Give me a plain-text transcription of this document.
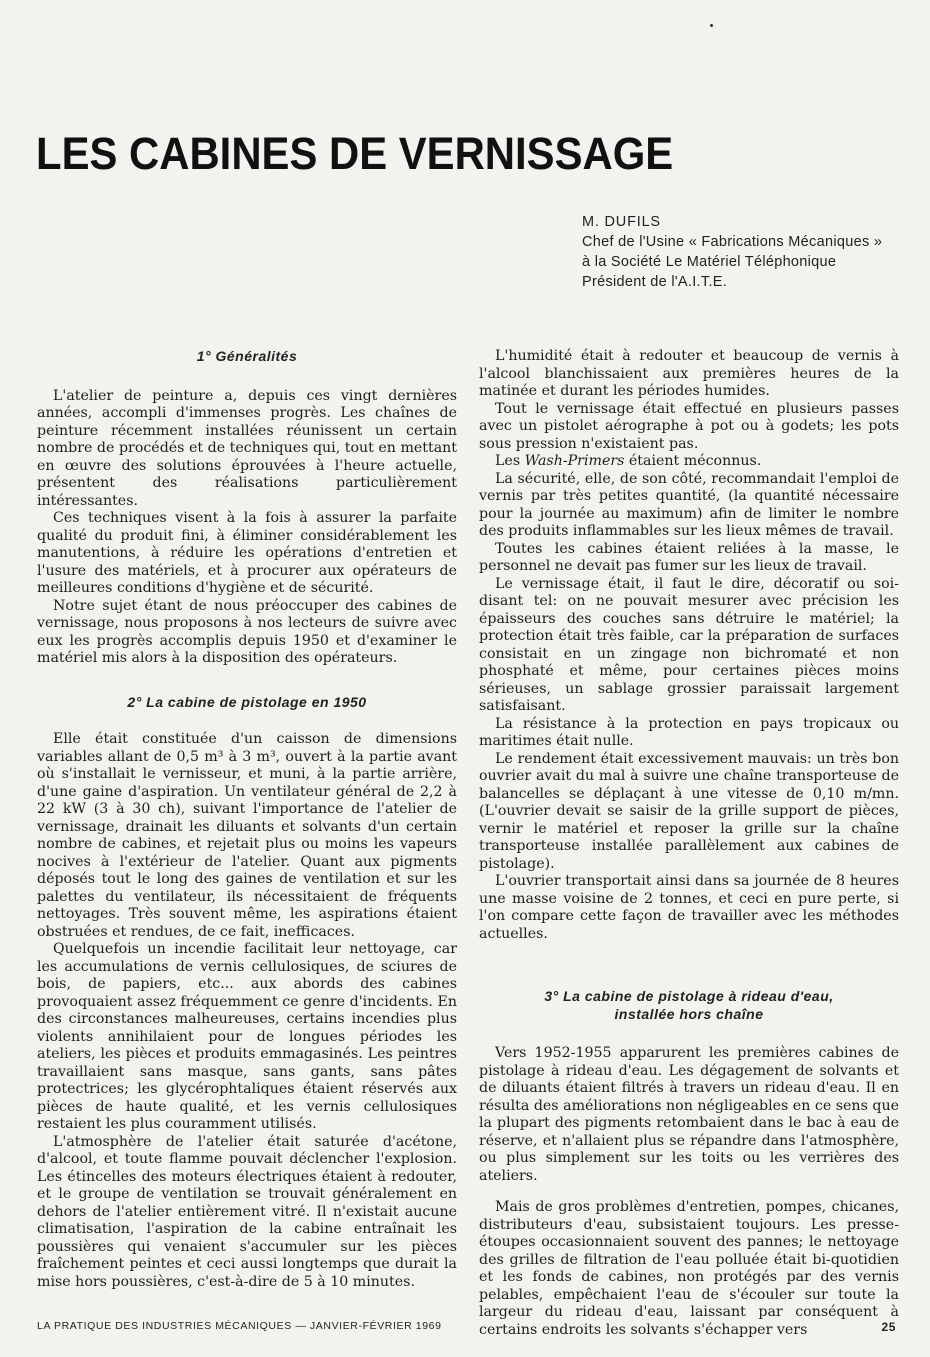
LES CABINES DE VERNISSAGE
M. DUFILS
Chef de l'Usine « Fabrications Mécaniques »
à la Société Le Matériel Téléphonique
Président de l'A.I.T.E.
1° Généralités

L'atelier de peinture a, depuis ces vingt dernières années, accompli d'immenses progrès. Les chaînes de peinture récemment installées réunissent un certain nombre de procédés et de techniques qui, tout en mettant en œuvre des solutions éprouvées à l'heure actuelle, présentent des réalisations particulièrement intéressantes.

Ces techniques visent à la fois à assurer la parfaite qualité du produit fini, à éliminer considérablement les manutentions, à réduire les opérations d'entretien et l'usure des matériels, et à procurer aux opérateurs de meilleures conditions d'hygiène et de sécurité.

Notre sujet étant de nous préoccuper des cabines de vernissage, nous proposons à nos lecteurs de suivre avec eux les progrès accomplis depuis 1950 et d'examiner le matériel mis alors à la disposition des opérateurs.

2° La cabine de pistolage en 1950

Elle était constituée d'un caisson de dimensions variables allant de 0,5 m³ à 3 m³, ouvert à la partie avant où s'installait le vernisseur, et muni, à la partie arrière, d'une gaine d'aspiration. Un ventilateur général de 2,2 à 22 kW (3 à 30 ch), suivant l'importance de l'atelier de vernissage, drainait les diluants et solvants d'un certain nombre de cabines, et rejetait plus ou moins les vapeurs nocives à l'extérieur de l'atelier. Quant aux pigments déposés tout le long des gaines de ventilation et sur les palettes du ventilateur, ils nécessitaient de fréquents nettoyages. Très souvent même, les aspirations étaient obstruées et rendues, de ce fait, inefficaces.

Quelquefois un incendie facilitait leur nettoyage, car les accumulations de vernis cellulosiques, de sciures de bois, de papiers, etc... aux abords des cabines provoquaient assez fréquemment ce genre d'incidents. En des circonstances malheureuses, certains incendies plus violents annihilaient pour de longues périodes les ateliers, les pièces et produits emmagasinés. Les peintres travaillaient sans masque, sans gants, sans pâtes protectrices; les glycérophtaliques étaient réservés aux pièces de haute qualité, et les vernis cellulosiques restaient les plus couramment utilisés.

L'atmosphère de l'atelier était saturée d'acétone, d'alcool, et toute flamme pouvait déclencher l'explosion. Les étincelles des moteurs électriques étaient à redouter, et le groupe de ventilation se trouvait généralement en dehors de l'atelier entièrement vitré. Il n'existait aucune climatisation, l'aspiration de la cabine entraînait les poussières qui venaient s'accumuler sur les pièces fraîchement peintes et ceci aussi longtemps que durait la mise hors poussières, c'est-à-dire de 5 à 10 minutes.

L'humidité était à redouter et beaucoup de vernis à l'alcool blanchissaient aux premières heures de la matinée et durant les périodes humides.

Tout le vernissage était effectué en plusieurs passes avec un pistolet aérographe à pot ou à godets; les pots sous pression n'existaient pas.

Les Wash-Primers étaient méconnus.

La sécurité, elle, de son côté, recommandait l'emploi de vernis par très petites quantité, (la quantité nécessaire pour la journée au maximum) afin de limiter le nombre des produits inflammables sur les lieux mêmes de travail.

Toutes les cabines étaient reliées à la masse, le personnel ne devait pas fumer sur les lieux de travail.

Le vernissage était, il faut le dire, décoratif ou soi-disant tel: on ne pouvait mesurer avec précision les épaisseurs des couches sans détruire le matériel; la protection était très faible, car la préparation de surfaces consistait en un zingage non bichromaté et non phosphaté et même, pour certaines pièces moins sérieuses, un sablage grossier paraissait largement satisfaisant.

La résistance à la protection en pays tropicaux ou maritimes était nulle.

Le rendement était excessivement mauvais: un très bon ouvrier avait du mal à suivre une chaîne transporteuse de balancelles se déplaçant à une vitesse de 0,10 m/mn. (L'ouvrier devait se saisir de la grille support de pièces, vernir le matériel et reposer la grille sur la chaîne transporteuse installée parallèlement aux cabines de pistolage).

L'ouvrier transportait ainsi dans sa journée de 8 heures une masse voisine de 2 tonnes, et ceci en pure perte, si l'on compare cette façon de travailler avec les méthodes actuelles.

3° La cabine de pistolage à rideau d'eau,
installée hors chaîne

Vers 1952-1955 apparurent les premières cabines de pistolage à rideau d'eau. Les dégagement de solvants et de diluants étaient filtrés à travers un rideau d'eau. Il en résulta des améliorations non négligeables en ce sens que la plupart des pigments retombaient dans le bac à eau de réserve, et n'allaient plus se répandre dans l'atmosphère, ou plus simplement sur les toits ou les verrières des ateliers.

Mais de gros problèmes d'entretien, pompes, chicanes, distributeurs d'eau, subsistaient toujours. Les presse-étoupes occasionnaient souvent des pannes; le nettoyage des grilles de filtration de l'eau polluée était bi-quotidien et les fonds de cabines, non protégés par des vernis pelables, empêchaient l'eau de s'écouler sur toute la largeur du rideau d'eau, laissant par conséquent à certains endroits les solvants s'échapper vers

LA PRATIQUE DES INDUSTRIES MÉCANIQUES — JANVIER-FÉVRIER 1969	25
